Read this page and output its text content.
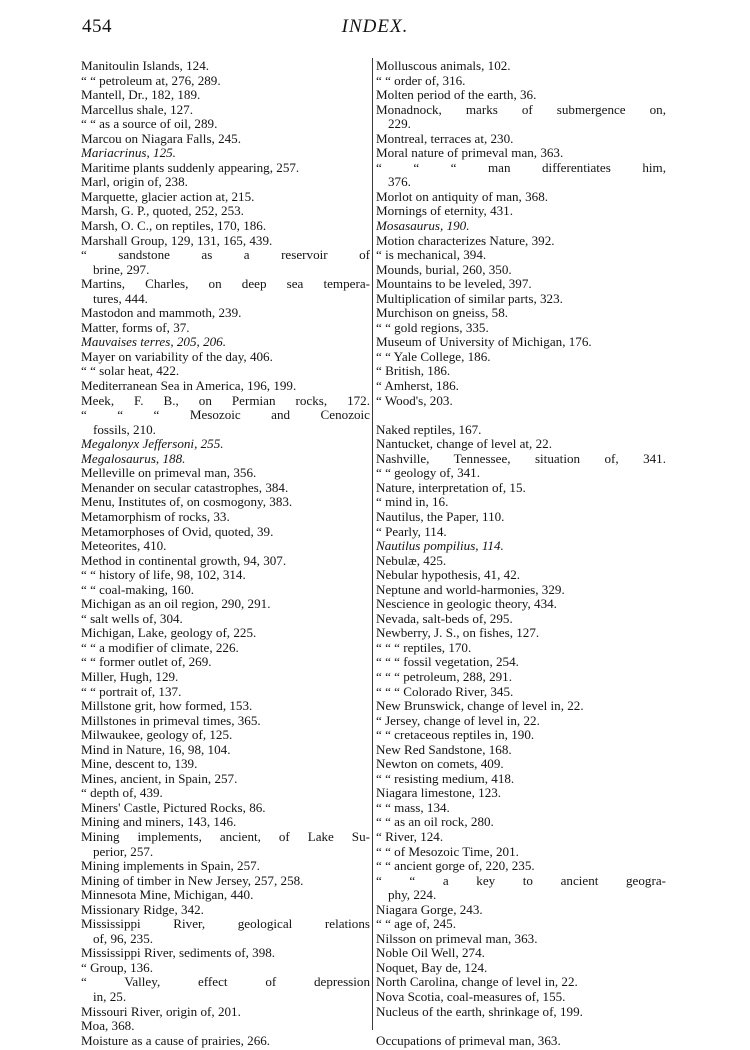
454	INDEX.
Manitoulin Islands, 124.
“ “ petroleum at, 276, 289.
Mantell, Dr., 182, 189.
Marcellus shale, 127.
“ “ as a source of oil, 289.
Marcou on Niagara Falls, 245.
Mariacrinus, 125.
Maritime plants suddenly appearing, 257.
Marl, origin of, 238.
Marquette, glacier action at, 215.
Marsh, G. P., quoted, 252, 253.
Marsh, O. C., on reptiles, 170, 186.
Marshall Group, 129, 131, 165, 439.
“ sandstone as a reservoir of
brine, 297.
Martins, Charles, on deep sea tempera-
tures, 444.
Mastodon and mammoth, 239.
Matter, forms of, 37.
Mauvaises terres, 205, 206.
Mayer on variability of the day, 406.
“ “ solar heat, 422.
Mediterranean Sea in America, 196, 199.
Meek, F. B., on Permian rocks, 172.
“ “ “ Mesozoic and Cenozoic
fossils, 210.
Megalonyx Jeffersoni, 255.
Megalosaurus, 188.
Melleville on primeval man, 356.
Menander on secular catastrophes, 384.
Menu, Institutes of, on cosmogony, 383.
Metamorphism of rocks, 33.
Metamorphoses of Ovid, quoted, 39.
Meteorites, 410.
Method in continental growth, 94, 307.
“ “ history of life, 98, 102, 314.
“ “ coal-making, 160.
Michigan as an oil region, 290, 291.
“ salt wells of, 304.
Michigan, Lake, geology of, 225.
“ “ a modifier of climate, 226.
“ “ former outlet of, 269.
Miller, Hugh, 129.
“ “ portrait of, 137.
Millstone grit, how formed, 153.
Millstones in primeval times, 365.
Milwaukee, geology of, 125.
Mind in Nature, 16, 98, 104.
Mine, descent to, 139.
Mines, ancient, in Spain, 257.
“ depth of, 439.
Miners' Castle, Pictured Rocks, 86.
Mining and miners, 143, 146.
Mining implements, ancient, of Lake Su-
perior, 257.
Mining implements in Spain, 257.
Mining of timber in New Jersey, 257, 258.
Minnesota Mine, Michigan, 440.
Missionary Ridge, 342.
Mississippi River, geological relations
of, 96, 235.
Mississippi River, sediments of, 398.
“ Group, 136.
“ Valley, effect of depression
in, 25.
Missouri River, origin of, 201.
Moa, 368.
Moisture as a cause of prairies, 266.
Molluscous animals, 102.
“ “ order of, 316.
Molten period of the earth, 36.
Monadnock, marks of submergence on,
229.
Montreal, terraces at, 230.
Moral nature of primeval man, 363.
“ “ “ man differentiates him,
376.
Morlot on antiquity of man, 368.
Mornings of eternity, 431.
Mosasaurus, 190.
Motion characterizes Nature, 392.
“ is mechanical, 394.
Mounds, burial, 260, 350.
Mountains to be leveled, 397.
Multiplication of similar parts, 323.
Murchison on gneiss, 58.
“ “ gold regions, 335.
Museum of University of Michigan, 176.
“ “ Yale College, 186.
“ British, 186.
“ Amherst, 186.
“ Wood's, 203.
Naked reptiles, 167.
Nantucket, change of level at, 22.
Nashville, Tennessee, situation of, 341.
“ “ geology of, 341.
Nature, interpretation of, 15.
“ mind in, 16.
Nautilus, the Paper, 110.
“ Pearly, 114.
Nautilus pompilius, 114.
Nebulæ, 425.
Nebular hypothesis, 41, 42.
Neptune and world-harmonies, 329.
Nescience in geologic theory, 434.
Nevada, salt-beds of, 295.
Newberry, J. S., on fishes, 127.
“ “ “ reptiles, 170.
“ “ “ fossil vegetation, 254.
“ “ “ petroleum, 288, 291.
“ “ “ Colorado River, 345.
New Brunswick, change of level in, 22.
“ Jersey, change of level in, 22.
“ “ cretaceous reptiles in, 190.
New Red Sandstone, 168.
Newton on comets, 409.
“ “ resisting medium, 418.
Niagara limestone, 123.
“ “ mass, 134.
“ “ as an oil rock, 280.
“ River, 124.
“ “ of Mesozoic Time, 201.
“ “ ancient gorge of, 220, 235.
“ “ a key to ancient geogra-
phy, 224.
Niagara Gorge, 243.
“ “ age of, 245.
Nilsson on primeval man, 363.
Noble Oil Well, 274.
Noquet, Bay de, 124.
North Carolina, change of level in, 22.
Nova Scotia, coal-measures of, 155.
Nucleus of the earth, shrinkage of, 199.
Occupations of primeval man, 363.
